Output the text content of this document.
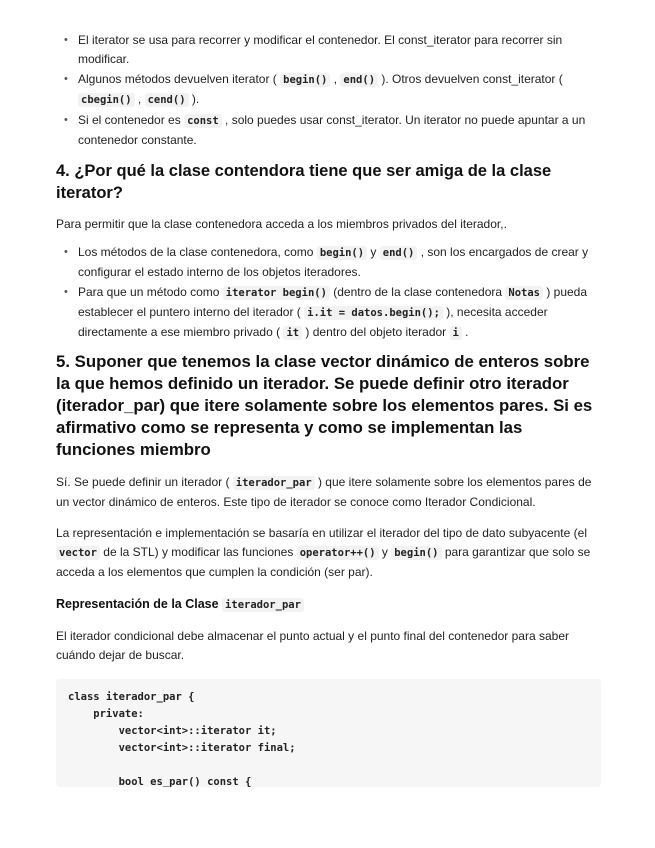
• El iterator se usa para recorrer y modificar el contenedor. El const_iterator para recorrer sin modificar.
• Algunos métodos devuelven iterator ( begin() , end() ). Otros devuelven const_iterator ( cbegin() , cend() ).
• Si el contenedor es const , solo puedes usar const_iterator. Un iterator no puede apuntar a un contenedor constante.
4. ¿Por qué la clase contendora tiene que ser amiga de la clase iterator?

Para permitir que la clase contenedora acceda a los miembros privados del iterador,.

• Los métodos de la clase contenedora, como begin() y end() , son los encargados de crear y configurar el estado interno de los objetos iteradores.
• Para que un método como iterator begin() (dentro de la clase contenedora Notas ) pueda establecer el puntero interno del iterador ( i.it = datos.begin(); ), necesita acceder directamente a ese miembro privado ( it ) dentro del objeto iterador i .
5. Suponer que tenemos la clase vector dinámico de enteros sobre la que hemos definido un iterador. Se puede definir otro iterador (iterador_par) que itere solamente sobre los elementos pares. Si es afirmativo como se representa y como se implementan las funciones miembro

Sí. Se puede definir un iterador ( iterador_par ) que itere solamente sobre los elementos pares de un vector dinámico de enteros. Este tipo de iterador se conoce como Iterador Condicional.

La representación e implementación se basaría en utilizar el iterador del tipo de dato subyacente (el vector de la STL) y modificar las funciones operator++() y begin() para garantizar que solo se acceda a los elementos que cumplen la condición (ser par).

Representación de la Clase iterador_par

El iterador condicional debe almacenar el punto actual y el punto final del contenedor para saber cuándo dejar de buscar.

class iterador_par {
private:
vector<int>::iterator it;
vector<int>::iterator final;

bool es_par() const {
